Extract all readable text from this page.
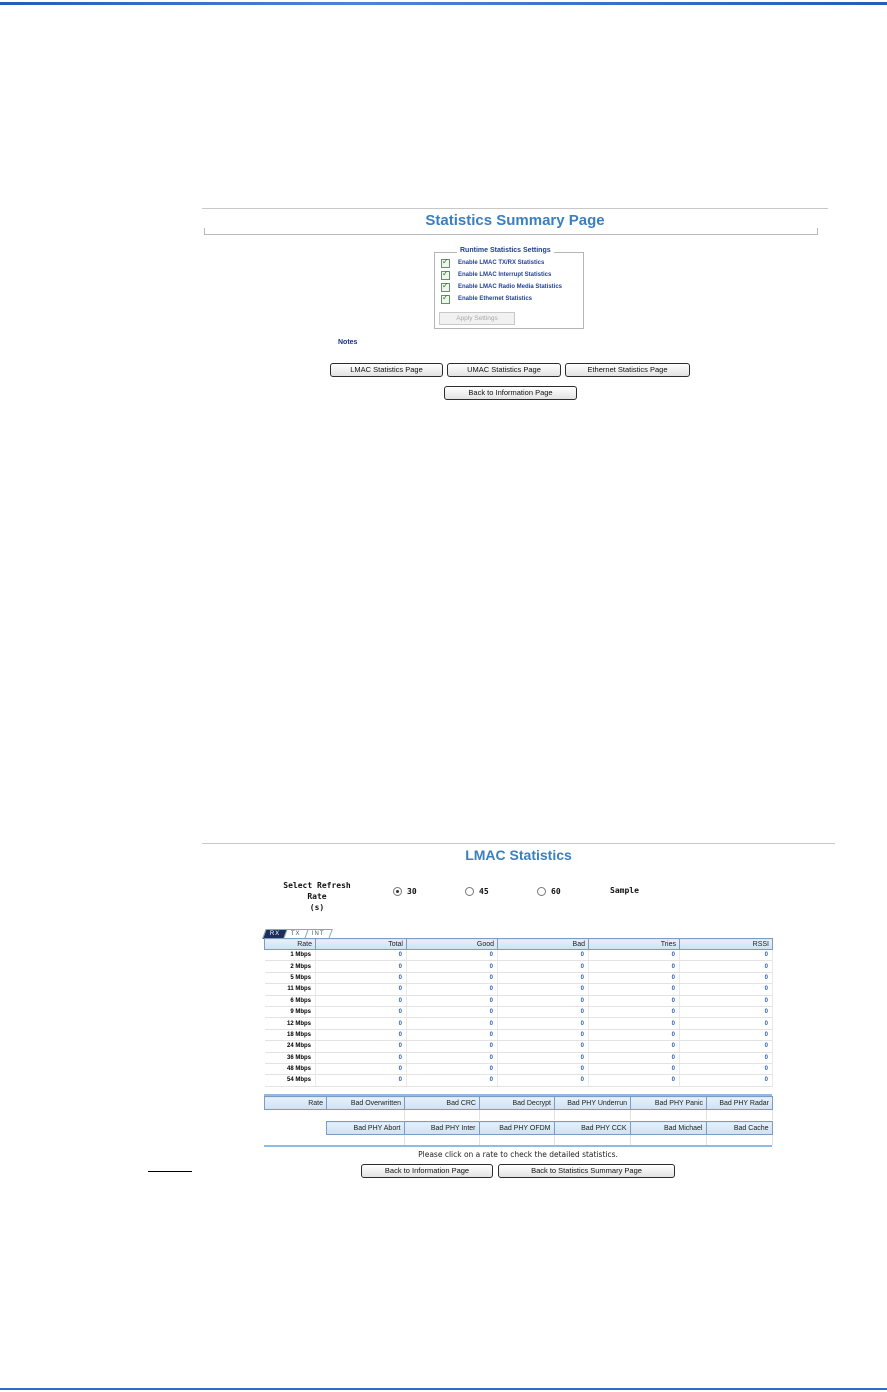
Statistics Summary Page
Runtime Statistics Settings
✓
Enable LMAC TX/RX Statistics
✓
Enable LMAC Interrupt Statistics
✓
Enable LMAC Radio Media Statistics
✓
Enable Ethernet Statistics
Apply Settings
Notes
LMAC Statistics Page	UMAC Statistics Page	Ethernet Statistics Page
Back to Information Page
LMAC Statistics
Select Refresh Rate
(s)
30	45	60	Sample
RX	TX	INT
Rate	Total	Good	Bad	Tries	RSSI
1 Mbps	0	0	0	0	0
2 Mbps	0	0	0	0	0
5 Mbps	0	0	0	0	0
11 Mbps	0	0	0	0	0
6 Mbps	0	0	0	0	0
9 Mbps	0	0	0	0	0
12 Mbps	0	0	0	0	0
18 Mbps	0	0	0	0	0
24 Mbps	0	0	0	0	0
36 Mbps	0	0	0	0	0
48 Mbps	0	0	0	0	0
54 Mbps	0	0	0	0	0
Rate	Bad Overwritten	Bad CRC	Bad Decrypt	Bad PHY Underrun	Bad PHY Panic	Bad PHY Radar

	Bad PHY Abort	Bad PHY Inter	Bad PHY OFDM	Bad PHY CCK	Bad Michael	Bad Cache

Please click on a rate to check the detailed statistics.
Back to Information Page	Back to Statistics Summary Page
